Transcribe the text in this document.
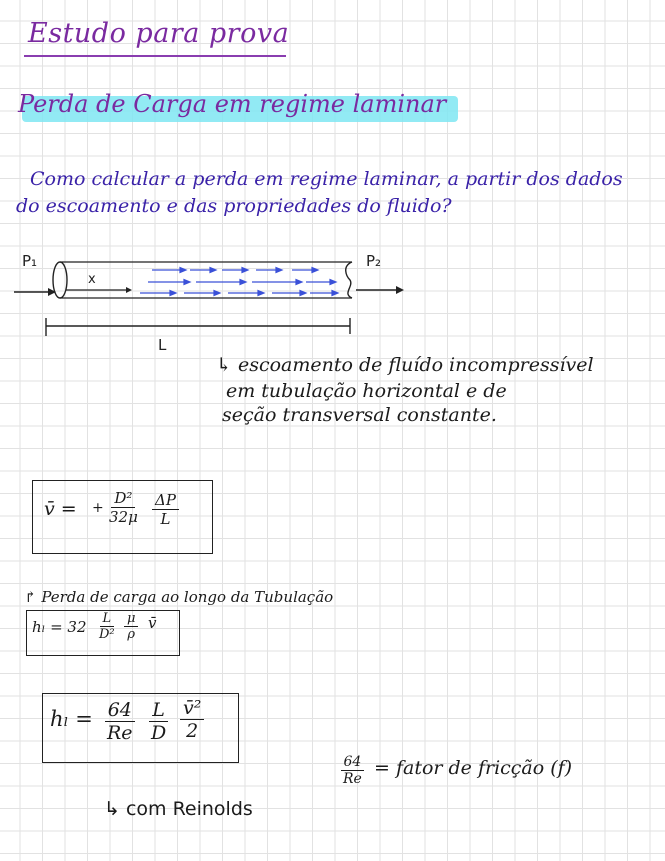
Estudo para prova
Perda de Carga em regime laminar
Como calcular a perda em regime laminar, a partir dos dados
do escoamento e das propriedades do fluido?
P₁	P₂
x
L
↳ escoamento de fluído incompressível
em tubulação horizontal e de
seção transversal constante.
v̄ = + $\frac{\text{D²}}{32\mu} \frac{\Delta P}{L}$
↱ Perda de carga ao longo da Tubulação
$h_l = 32 \frac{L}{\text{D²}} \frac{\mu}{\rho}$ v̄
$h_l = \frac{64}{Re} \frac{L}{D} \frac{\text{v̄²}}{2}$
$\frac{64}{Re}$ = fator de fricção (f)
↳ com Reinolds
